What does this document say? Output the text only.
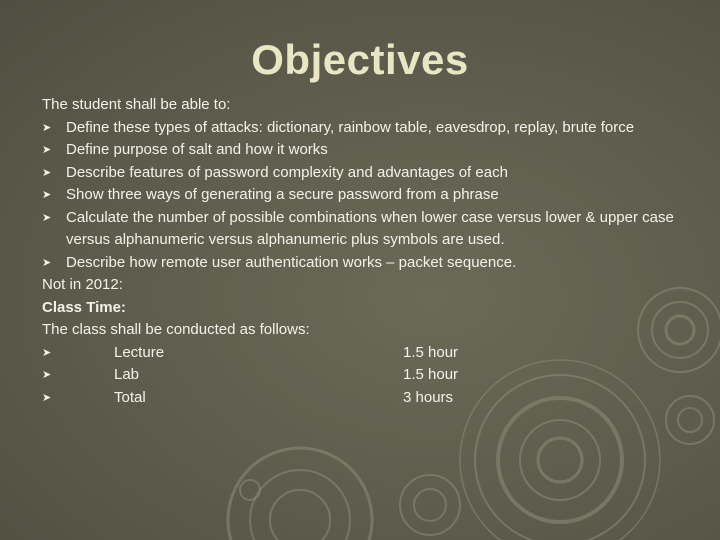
Objectives
The student shall be able to:
➤ Define these types of attacks: dictionary, rainbow table, eavesdrop, replay, brute force
➤ Define purpose of salt and how it works
➤ Describe features of password complexity and advantages of each
➤ Show three ways of generating a secure password from a phrase
➤ Calculate the number of possible combinations when lower case versus lower & upper case versus alphanumeric versus alphanumeric plus symbols are used.
➤ Describe how remote user authentication works – packet sequence.
Not in 2012:
Class Time:
The class shall be conducted as follows:
➤	Lecture	1.5 hour
➤	Lab	1.5 hour
➤	Total	3 hours
